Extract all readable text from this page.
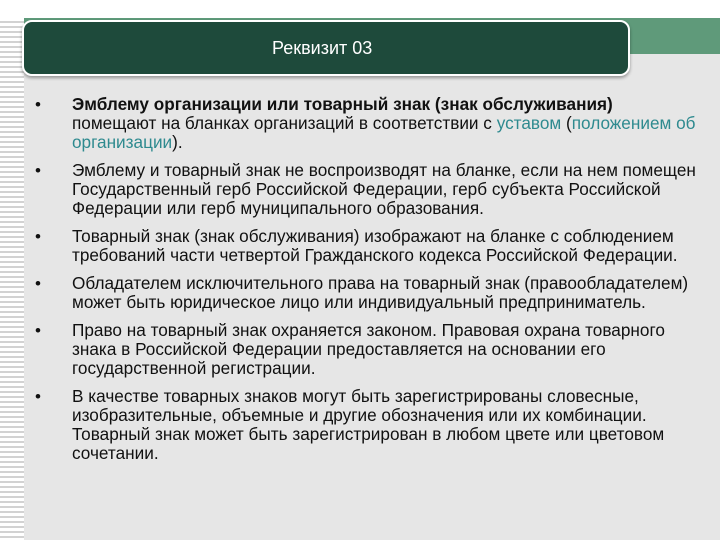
Реквизит 03
• Эмблему организации или товарный знак (знак обслуживания) помещают на бланках организаций в соответствии с уставом (положением об организации).
• Эмблему и товарный знак не воспроизводят на бланке, если на нем помещен Государственный герб Российской Федерации, герб субъекта Российской Федерации или герб муниципального образования.
• Товарный знак (знак обслуживания) изображают на бланке с соблюдением требований части четвертой Гражданского кодекса Российской Федерации.
• Обладателем исключительного права на товарный знак (правообладателем) может быть юридическое лицо или индивидуальный предприниматель.
• Право на товарный знак охраняется законом. Правовая охрана товарного знака в Российской Федерации предоставляется на основании его государственной регистрации.
• В качестве товарных знаков могут быть зарегистрированы словесные, изобразительные, объемные и другие обозначения или их комбинации. Товарный знак может быть зарегистрирован в любом цвете или цветовом сочетании.
